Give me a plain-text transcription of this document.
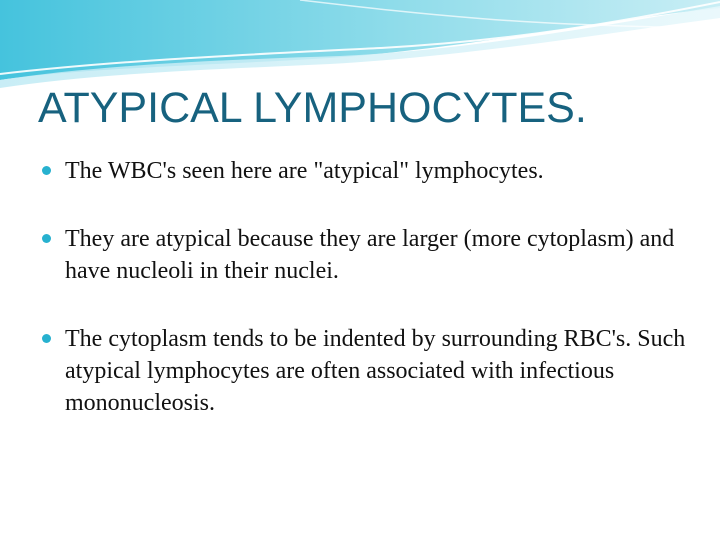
ATYPICAL LYMPHOCYTES.
The WBC's seen here are "atypical" lymphocytes.
They are atypical because they are larger (more cytoplasm) and have nucleoli in their nuclei.
The cytoplasm tends to be indented by surrounding RBC's. Such atypical lymphocytes are often associated with infectious mononucleosis.
